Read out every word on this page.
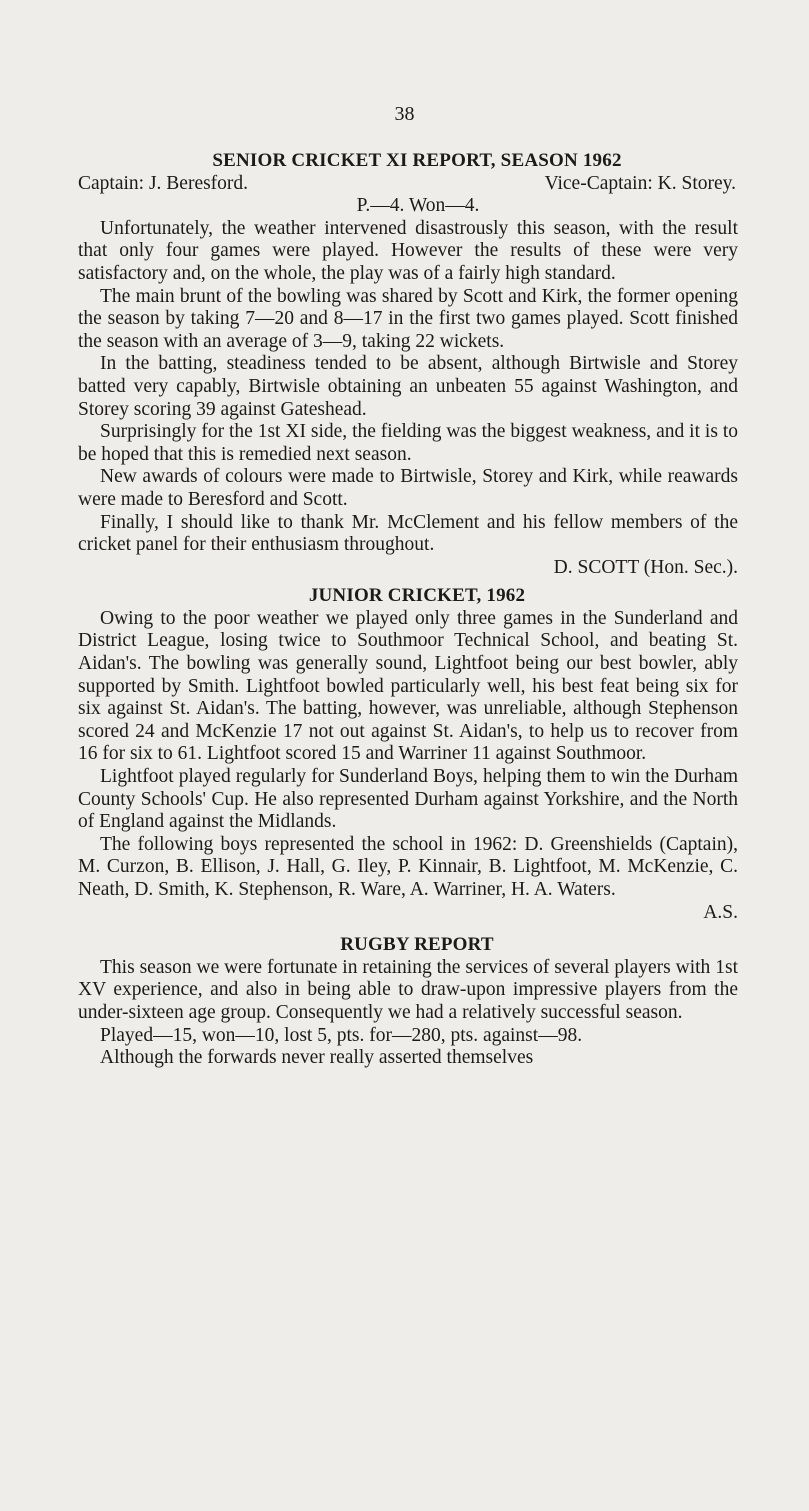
38
SENIOR CRICKET XI REPORT, SEASON 1962
Captain: J. Beresford.	Vice-Captain: K. Storey.
P.—4. Won—4.

Unfortunately, the weather intervened disastrously this season, with the result that only four games were played. However the results of these were very satisfactory and, on the whole, the play was of a fairly high standard.

The main brunt of the bowling was shared by Scott and Kirk, the former opening the season by taking 7—20 and 8—17 in the first two games played. Scott finished the season with an average of 3—9, taking 22 wickets.

In the batting, steadiness tended to be absent, although Birtwisle and Storey batted very capably, Birtwisle obtaining an unbeaten 55 against Washington, and Storey scoring 39 against Gateshead.

Surprisingly for the 1st XI side, the fielding was the biggest weakness, and it is to be hoped that this is remedied next season.

New awards of colours were made to Birtwisle, Storey and Kirk, while reawards were made to Beresford and Scott.

Finally, I should like to thank Mr. McClement and his fellow members of the cricket panel for their enthusiasm throughout.

D. SCOTT (Hon. Sec.).

JUNIOR CRICKET, 1962

Owing to the poor weather we played only three games in the Sunderland and District League, losing twice to Southmoor Technical School, and beating St. Aidan's. The bowling was generally sound, Lightfoot being our best bowler, ably supported by Smith. Lightfoot bowled particularly well, his best feat being six for six against St. Aidan's. The batting, however, was unreliable, although Stephenson scored 24 and McKenzie 17 not out against St. Aidan's, to help us to recover from 16 for six to 61. Lightfoot scored 15 and Warriner 11 against Southmoor.

Lightfoot played regularly for Sunderland Boys, helping them to win the Durham County Schools' Cup. He also represented Durham against Yorkshire, and the North of England against the Midlands.

The following boys represented the school in 1962: D. Greenshields (Captain), M. Curzon, B. Ellison, J. Hall, G. Iley, P. Kinnair, B. Lightfoot, M. McKenzie, C. Neath, D. Smith, K. Stephenson, R. Ware, A. Warriner, H. A. Waters.

A.S.

RUGBY REPORT

This season we were fortunate in retaining the services of several players with 1st XV experience, and also in being able to draw-upon impressive players from the under-sixteen age group. Consequently we had a relatively successful season.

Played—15, won—10, lost 5, pts. for—280, pts. against—98.

Although the forwards never really asserted themselves
